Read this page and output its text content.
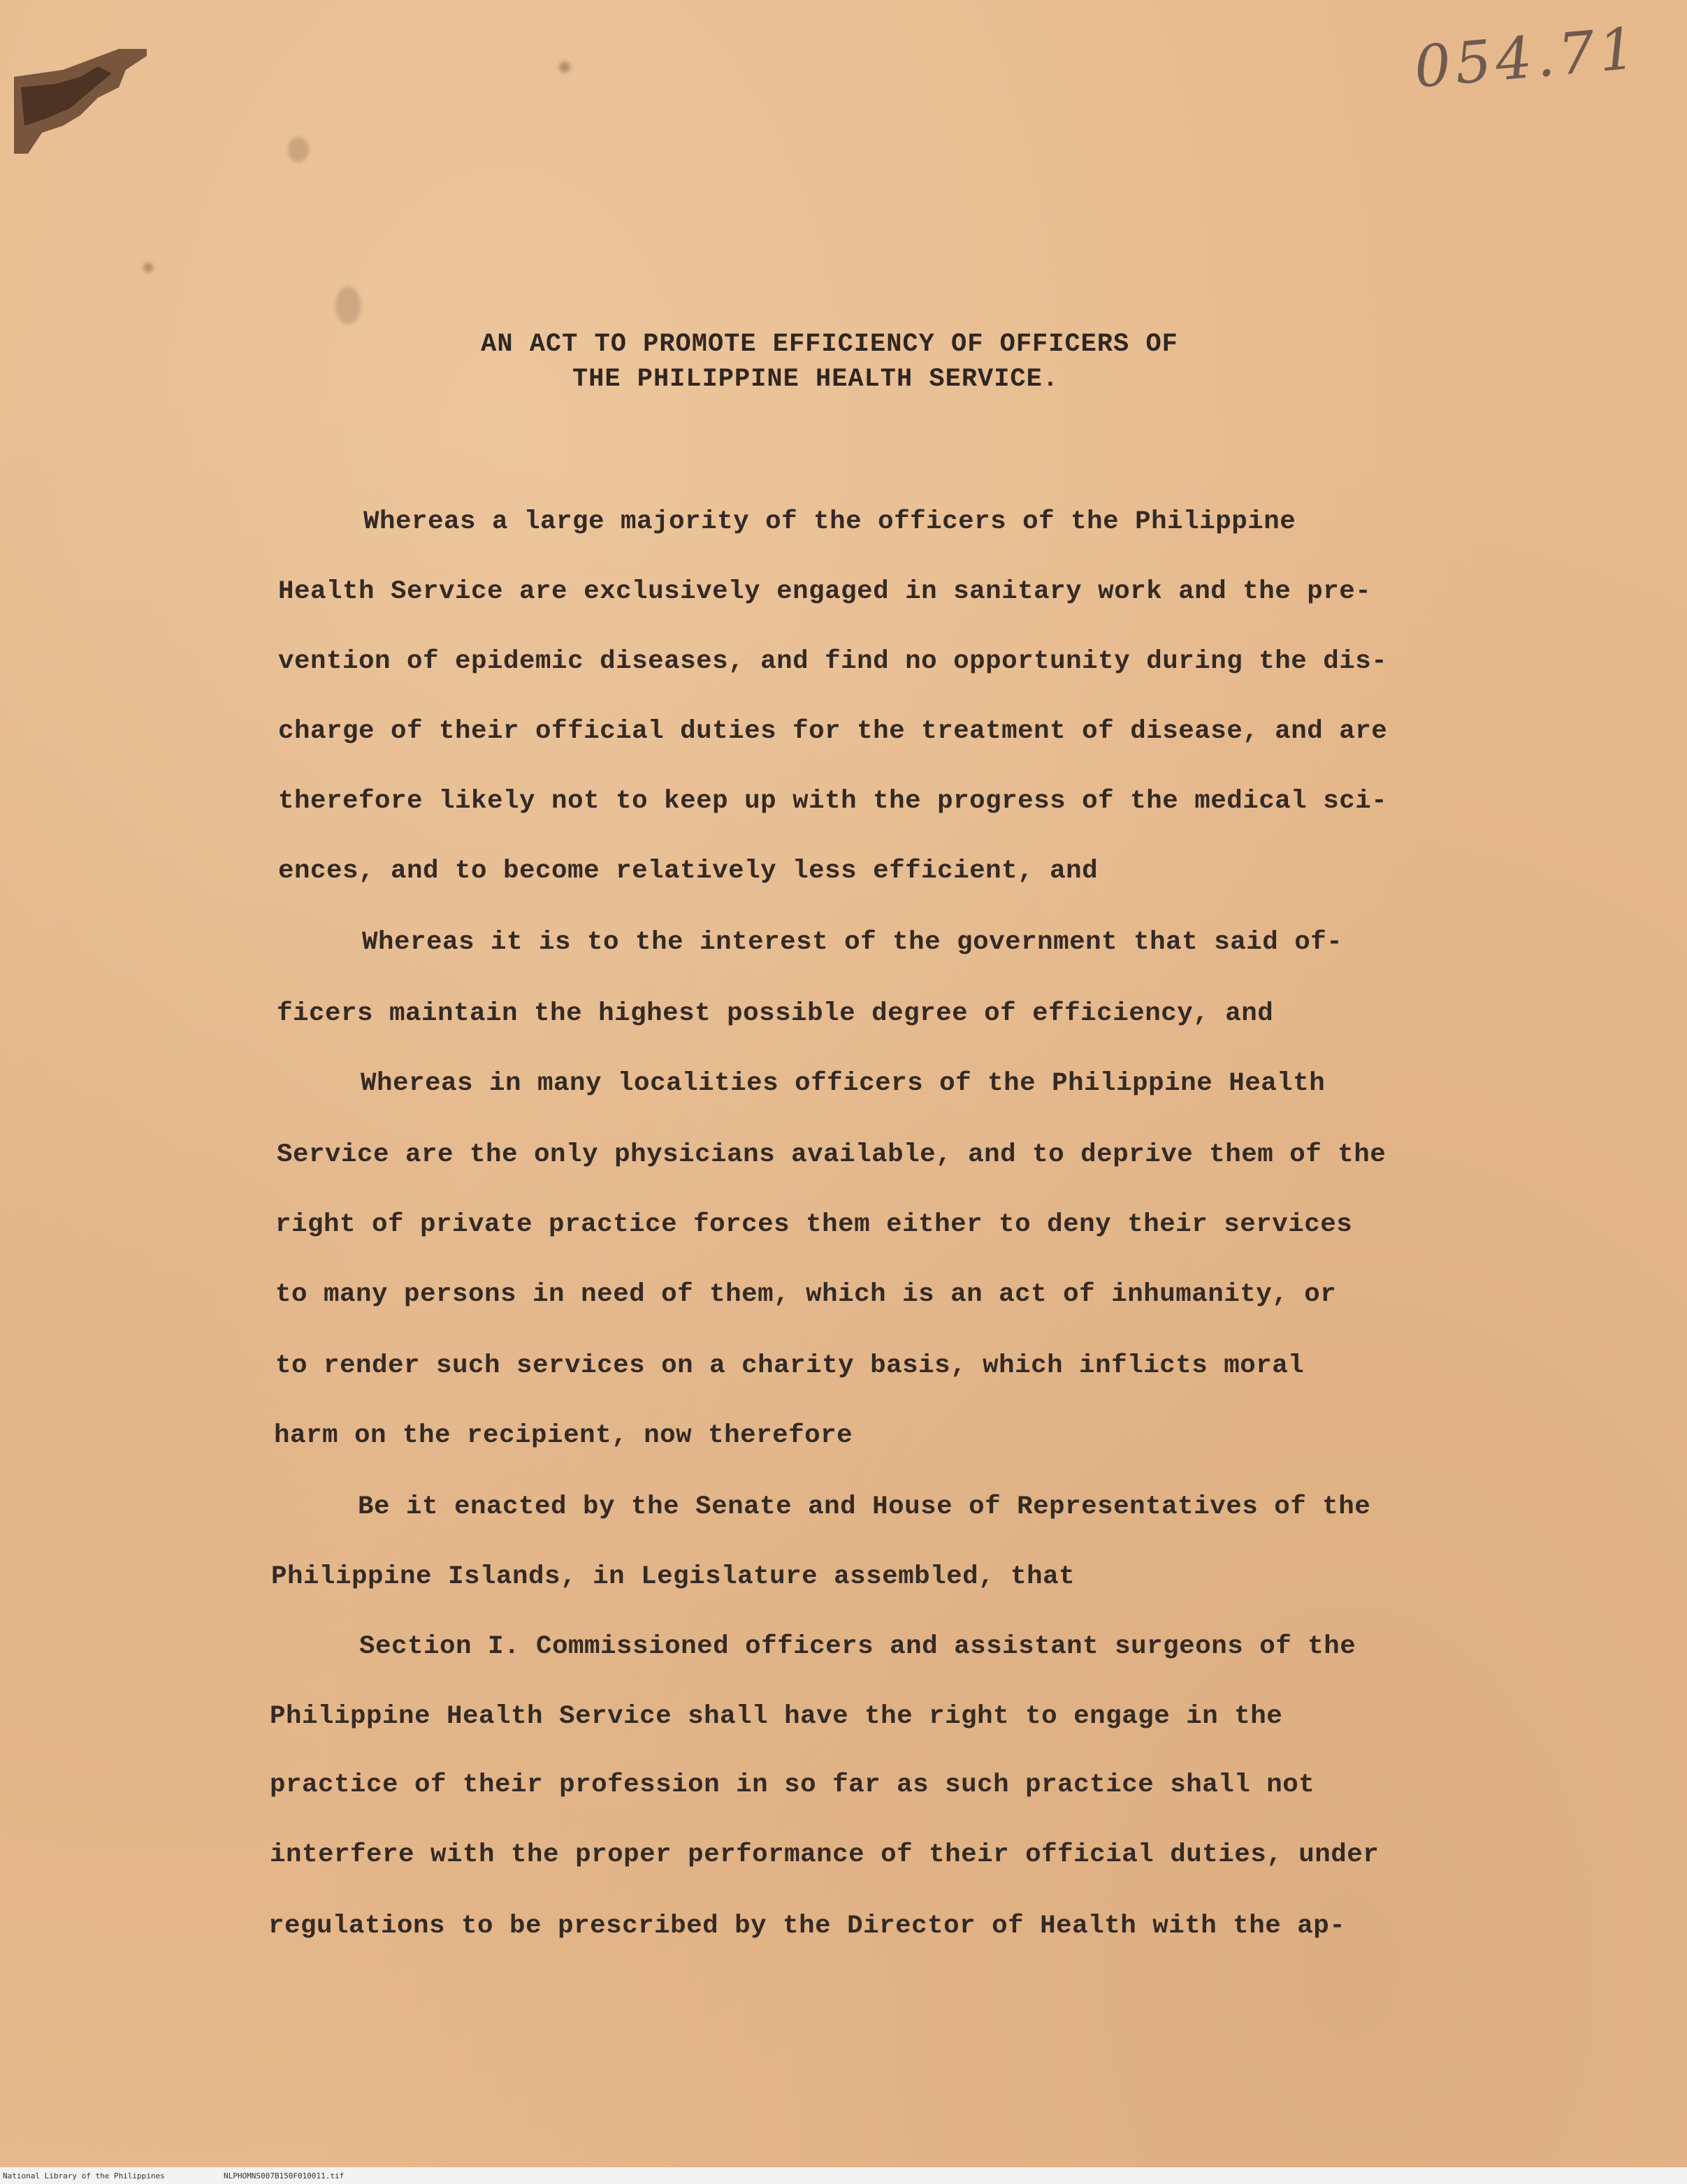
054.71
AN ACT TO PROMOTE EFFICIENCY OF OFFICERS OF
THE PHILIPPINE HEALTH SERVICE.
Whereas a large majority of the officers of the Philippine
Health Service are exclusively engaged in sanitary work and the pre-
vention of epidemic diseases, and find no opportunity during the dis-
charge of their official duties for the treatment of disease, and are
therefore likely not to keep up with the progress of the medical sci-
ences, and to become relatively less efficient, and
Whereas it is to the interest of the government that said of-
ficers maintain the highest possible degree of efficiency, and
Whereas in many localities officers of the Philippine Health
Service are the only physicians available, and to deprive them of the
right of private practice forces them either to deny their services
to many persons in need of them, which is an act of inhumanity, or
to render such services on a charity basis, which inflicts moral
harm on the recipient, now therefore
Be it enacted by the Senate and House of Representatives of the
Philippine Islands, in Legislature assembled, that
Section I. Commissioned officers and assistant surgeons of the
Philippine Health Service shall have the right to engage in the
practice of their profession in so far as such practice shall not
interfere with the proper performance of their official duties, under
regulations to be prescribed by the Director of Health with the ap-
National Library of the Philippines	NLPHOMNS007B150F010011.tif
